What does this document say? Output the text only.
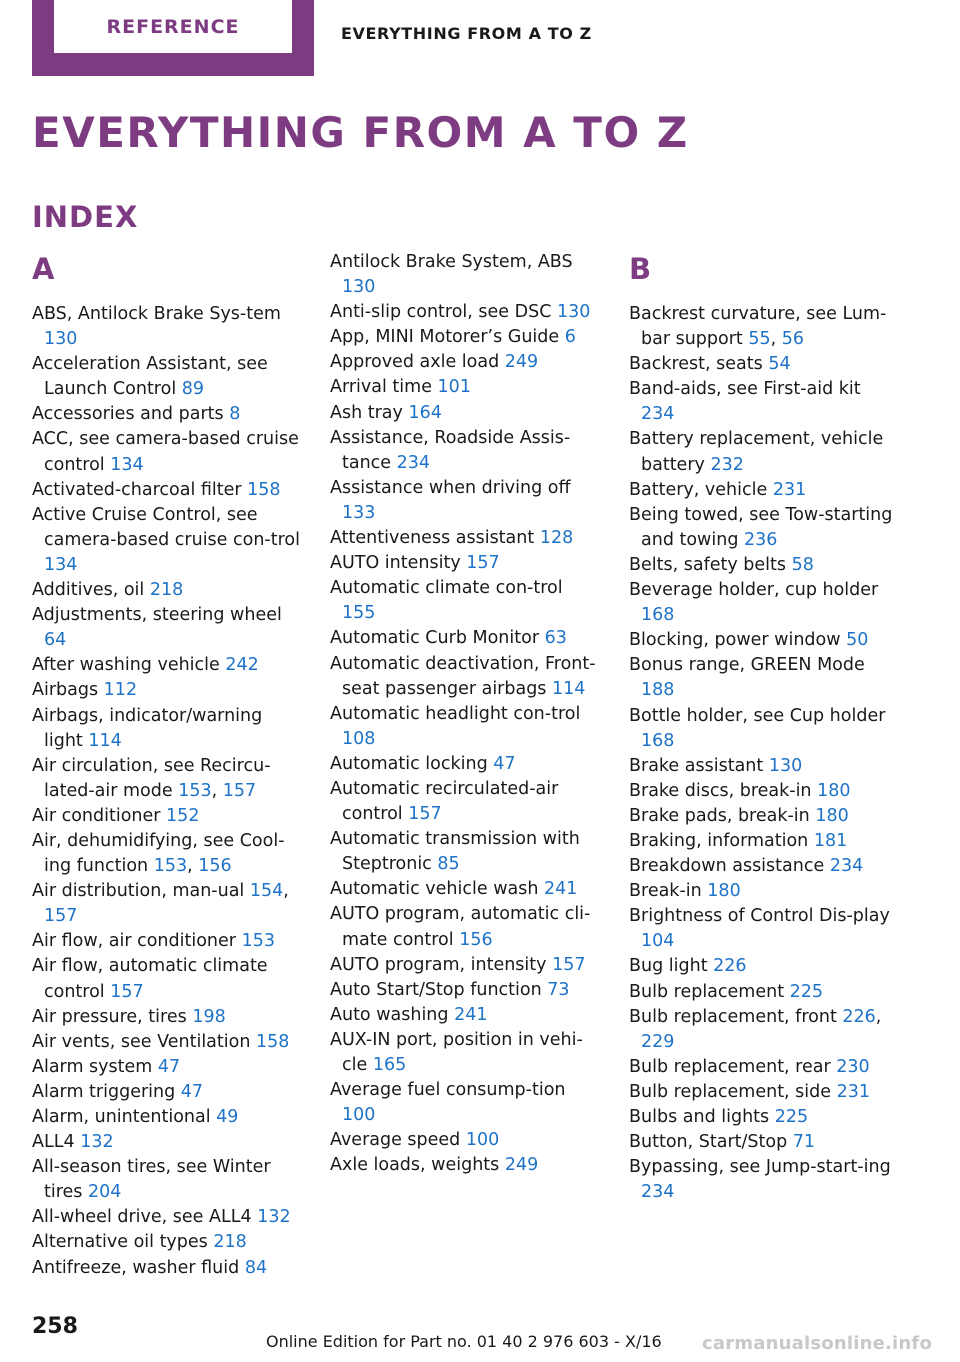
REFERENCE	EVERYTHING FROM A TO Z
EVERYTHING FROM A TO Z
INDEX
A
ABS, Antilock Brake Sys-tem 130
Acceleration Assistant, see Launch Control 89
Accessories and parts 8
ACC, see camera-based cruise control 134
Activated-charcoal filter 158
Active Cruise Control, see camera-based cruise con-trol 134
Additives, oil 218
Adjustments, steering wheel 64
After washing vehicle 242
Airbags 112
Airbags, indicator/warning light 114
Air circulation, see Recircu-lated-air mode 153, 157
Air conditioner 152
Air, dehumidifying, see Cool-ing function 153, 156
Air distribution, man-ual 154, 157
Air flow, air conditioner 153
Air flow, automatic climate control 157
Air pressure, tires 198
Air vents, see Ventilation 158
Alarm system 47
Alarm triggering 47
Alarm, unintentional 49
ALL4 132
All-season tires, see Winter tires 204
All-wheel drive, see ALL4 132
Alternative oil types 218
Antifreeze, washer fluid 84
Antilock Brake System, ABS 130
Anti-slip control, see DSC 130
App, MINI Motorer’s Guide 6
Approved axle load 249
Arrival time 101
Ash tray 164
Assistance, Roadside Assis-tance 234
Assistance when driving off 133
Attentiveness assistant 128
AUTO intensity 157
Automatic climate con-trol 155
Automatic Curb Monitor 63
Automatic deactivation, Front-seat passenger airbags 114
Automatic headlight con-trol 108
Automatic locking 47
Automatic recirculated-air control 157
Automatic transmission with Steptronic 85
Automatic vehicle wash 241
AUTO program, automatic cli-mate control 156
AUTO program, intensity 157
Auto Start/Stop function 73
Auto washing 241
AUX-IN port, position in vehi-cle 165
Average fuel consump-tion 100
Average speed 100
Axle loads, weights 249
B
Backrest curvature, see Lum-bar support 55, 56
Backrest, seats 54
Band-aids, see First-aid kit 234
Battery replacement, vehicle battery 232
Battery, vehicle 231
Being towed, see Tow-starting and towing 236
Belts, safety belts 58
Beverage holder, cup holder 168
Blocking, power window 50
Bonus range, GREEN Mode 188
Bottle holder, see Cup holder 168
Brake assistant 130
Brake discs, break-in 180
Brake pads, break-in 180
Braking, information 181
Breakdown assistance 234
Break-in 180
Brightness of Control Dis-play 104
Bug light 226
Bulb replacement 225
Bulb replacement, front 226, 229
Bulb replacement, rear 230
Bulb replacement, side 231
Bulbs and lights 225
Button, Start/Stop 71
Bypassing, see Jump-start-ing 234
258
Online Edition for Part no. 01 40 2 976 603 - X/16 carmanualsonline.info
